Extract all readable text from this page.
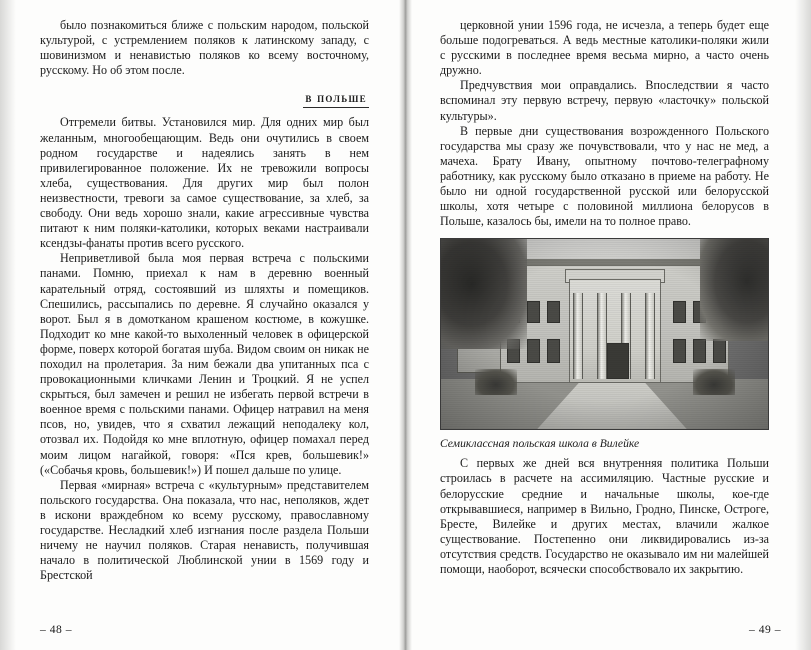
было познакомиться ближе с польским народом, польской культурой, с устремлением поляков к латинскому западу, с шовинизмом и ненавистью поляков ко всему восточному, русскому. Но об этом после.

в польше

Отгремели битвы. Установился мир. Для одних мир был желанным, многообещающим. Ведь они очутились в своем родном государстве и надеялись занять в нем привилегированное положение. Их не тревожили вопросы хлеба, существования. Для других мир был полон неизвестности, тревоги за самое существование, за хлеб, за свободу. Они ведь хорошо знали, какие агрессивные чувства питают к ним поляки-католики, которых веками настраивали ксендзы-фанаты против всего русского.

Неприветливой была моя первая встреча с польскими панами. Помню, приехал к нам в деревню военный карательный отряд, состоявший из шляхты и помещиков. Спешились, рассыпались по деревне. Я случайно оказался у ворот. Был я в домотканом крашеном костюме, в кожушке. Подходит ко мне какой-то выхоленный человек в офицерской форме, поверх которой богатая шуба. Видом своим он никак не походил на пролетария. За ним бежали два упитанных пса с провокационными кличками Ленин и Троцкий. Я не успел скрыться, был замечен и решил не избегать первой встречи в военное время с польскими панами. Офицер натравил на меня псов, но, увидев, что я схватил лежащий неподалеку кол, отозвал их. Подойдя ко мне вплотную, офицер помахал перед моим лицом нагайкой, говоря: «Пся крев, большевик!» («Собачья кровь, большевик!») И пошел дальше по улице.

Первая «мирная» встреча с «культурным» представителем польского государства. Она показала, что нас, неполяков, ждет в искони враждебном ко всему русскому, православному государстве. Несладкий хлеб изгнания после раздела Польши ничему не научил поляков. Старая ненависть, получившая начало в политической Люблинской унии в 1569 году и Брестской

– 48 –

церковной унии 1596 года, не исчезла, а теперь будет еще больше подогреваться. А ведь местные католики-поляки жили с русскими в последнее время весьма мирно, а часто очень дружно.

Предчувствия мои оправдались. Впоследствии я часто вспоминал эту первую встречу, первую «ласточку» польской культуры».

В первые дни существования возрожденного Польского государства мы сразу же почувствовали, что у нас не мед, а мачеха. Брату Ивану, опытному почтово-телеграфному работнику, как русскому было отказано в приеме на работу. Не было ни одной государственной русской или белорусской школы, хотя четыре с половиной миллиона белорусов в Польше, казалось бы, имели на то полное право.

Семиклассная польская школа в Вилейке

С первых же дней вся внутренняя политика Польши строилась в расчете на ассимиляцию. Частные русские и белорусские средние и начальные школы, кое-где открывавшиеся, например в Вильно, Гродно, Пинске, Остроге, Бресте, Вилейке и других местах, влачили жалкое существование. Постепенно они ликвидировались из-за отсутствия средств. Государство не оказывало им ни малейшей помощи, наоборот, всячески способствовало их закрытию.

– 49 –
